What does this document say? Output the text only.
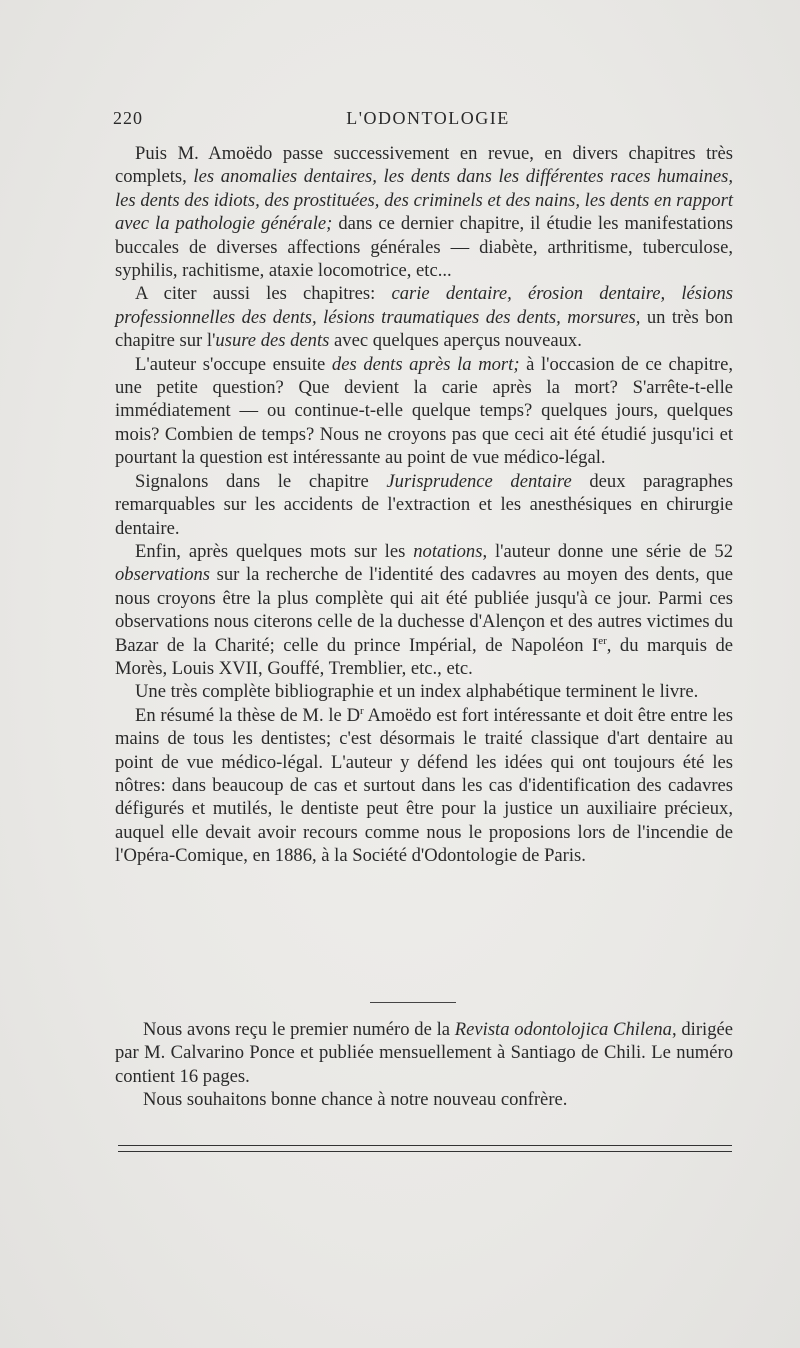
220	L'ODONTOLOGIE

Puis M. Amoëdo passe successivement en revue, en divers chapitres très complets, les anomalies dentaires, les dents dans les différentes races humaines, les dents des idiots, des prostituées, des criminels et des nains, les dents en rapport avec la pathologie générale; dans ce dernier chapitre, il étudie les manifestations buccales de diverses affections générales — diabète, arthritisme, tuberculose, syphilis, rachitisme, ataxie locomotrice, etc...

A citer aussi les chapitres: carie dentaire, érosion dentaire, lésions professionnelles des dents, lésions traumatiques des dents, morsures, un très bon chapitre sur l'usure des dents avec quelques aperçus nouveaux.

L'auteur s'occupe ensuite des dents après la mort; à l'occasion de ce chapitre, une petite question? Que devient la carie après la mort? S'arrête-t-elle immédiatement — ou continue-t-elle quelque temps? quelques jours, quelques mois? Combien de temps? Nous ne croyons pas que ceci ait été étudié jusqu'ici et pourtant la question est intéressante au point de vue médico-légal.

Signalons dans le chapitre Jurisprudence dentaire deux paragraphes remarquables sur les accidents de l'extraction et les anesthésiques en chirurgie dentaire.

Enfin, après quelques mots sur les notations, l'auteur donne une série de 52 observations sur la recherche de l'identité des cadavres au moyen des dents, que nous croyons être la plus complète qui ait été publiée jusqu'à ce jour. Parmi ces observations nous citerons celle de la duchesse d'Alençon et des autres victimes du Bazar de la Charité; celle du prince Impérial, de Napoléon Ier, du marquis de Morès, Louis XVII, Gouffé, Tremblier, etc., etc.

Une très complète bibliographie et un index alphabétique terminent le livre.

En résumé la thèse de M. le $D^r$ Amoëdo est fort intéressante et doit être entre les mains de tous les dentistes; c'est désormais le traité classique d'art dentaire au point de vue médico-légal. L'auteur y défend les idées qui ont toujours été les nôtres: dans beaucoup de cas et surtout dans les cas d'identification des cadavres défigurés et mutilés, le dentiste peut être pour la justice un auxiliaire précieux, auquel elle devait avoir recours comme nous le proposions lors de l'incendie de l'Opéra-Comique, en 1886, à la Société d'Odontologie de Paris.

Nous avons reçu le premier numéro de la Revista odontolojica Chilena, dirigée par M. Calvarino Ponce et publiée mensuellement à Santiago de Chili. Le numéro contient 16 pages.

Nous souhaitons bonne chance à notre nouveau confrère.
